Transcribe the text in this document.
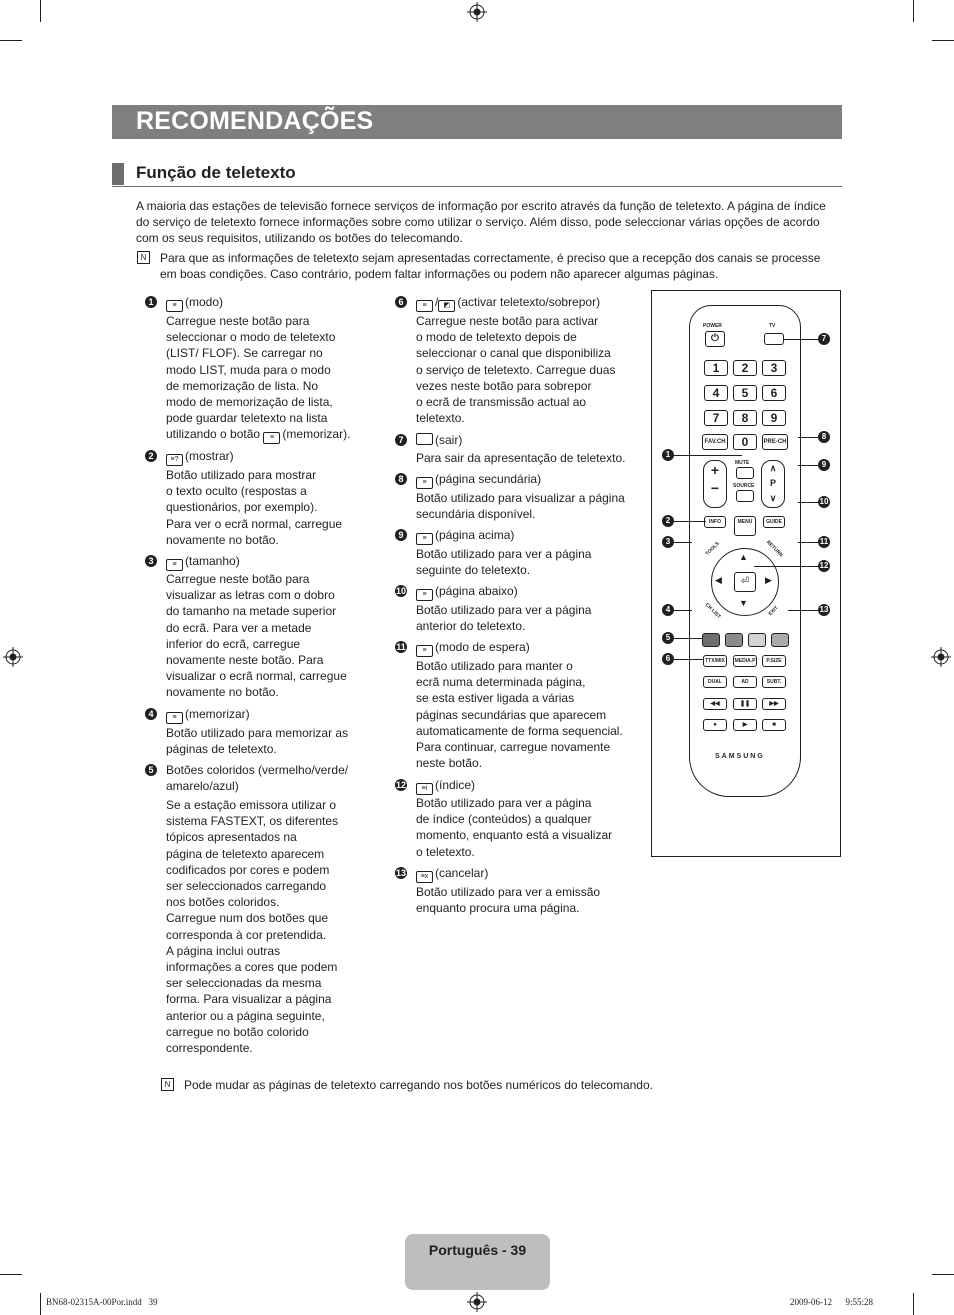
RECOMENDAÇÕES
Função de teletexto
A maioria das estações de televisão fornece serviços de informação por escrito através da função de teletexto. A página de índice
do serviço de teletexto fornece informações sobre como utilizar o serviço. Além disso, pode seleccionar várias opções de acordo
com os seus requisitos, utilizando os botões do telecomando.
N	Para que as informações de teletexto sejam apresentadas correctamente, é preciso que a recepção dos canais se processe
em boas condições. Caso contrário, podem faltar informações ou podem não aparecer algumas páginas.
1	≡ (modo)
Carregue neste botão para
seleccionar o modo de teletexto
(LIST/ FLOF). Se carregar no
modo LIST, muda para o modo
de memorização de lista. No
modo de memorização de lista,
pode guardar teletexto na lista
utilizando o botão ≡ (memorizar).
2	≡? (mostrar)
Botão utilizado para mostrar
o texto oculto (respostas a
questionários, por exemplo).
Para ver o ecrã normal, carregue
novamente no botão.
3	≡ (tamanho)
Carregue neste botão para
visualizar as letras com o dobro
do tamanho na metade superior
do ecrã. Para ver a metade
inferior do ecrã, carregue
novamente neste botão. Para
visualizar o ecrã normal, carregue
novamente no botão.
4	≡ (memorizar)
Botão utilizado para memorizar as
páginas de teletexto.
5 Botões coloridos (vermelho/verde/
amarelo/azul)
Se a estação emissora utilizar o
sistema FASTEXT, os diferentes
tópicos apresentados na
página de teletexto aparecem
codificados por cores e podem
ser seleccionados carregando
nos botões coloridos.
Carregue num dos botões que
corresponda à cor pretendida.
A página inclui outras
informações a cores que podem
ser seleccionadas da mesma
forma. Para visualizar a página
anterior ou a página seguinte,
carregue no botão colorido
correspondente.
6	≡ / ◩ (activar teletexto/sobrepor)
Carregue neste botão para activar
o modo de teletexto depois de
seleccionar o canal que disponibiliza
o serviço de teletexto. Carregue duas
vezes neste botão para sobrepor
o ecrã de transmissão actual ao
teletexto.
7	(sair)
Para sair da apresentação de teletexto.
8	≡ (página secundária)
Botão utilizado para visualizar a página
secundária disponível.
9	≡ (página acima)
Botão utilizado para ver a página
seguinte do teletexto.
10	≡ (página abaixo)
Botão utilizado para ver a página
anterior do teletexto.
11	≡ (modo de espera)
Botão utilizado para manter o
ecrã numa determinada página,
se esta estiver ligada a várias
páginas secundárias que aparecem
automaticamente de forma sequencial.
Para continuar, carregue novamente
neste botão.
12	≡i (índice)
Botão utilizado para ver a página
de índice (conteúdos) a qualquer
momento, enquanto está a visualizar
o teletexto.
13	≡x (cancelar)
Botão utilizado para ver a emissão
enquanto procura uma página.
POWER	TV
⏻
1	2	3
4	5	6
7	8	9
FAV.CH	0	PRE-CH
+
−
∧
P
∨
MUTE
SOURCE
INFO	MENU	GUIDE
TOOLS	RETURN
⏎
▲
▼
◀	▶
CH LIST	EXIT
TTX/MIX	MEDIA.P	P.SIZE
DUAL	AD	SUBT.
◀◀	❚❚	▶▶
●	▶	■
SAMSUNG
1
2
3
4
5
6
7
8
9
10
11
12
13
N	Pode mudar as páginas de teletexto carregando nos botões numéricos do telecomando.
Português - 39
BN68-02315A-00Por.indd   39	2009-06-12      9:55:28
